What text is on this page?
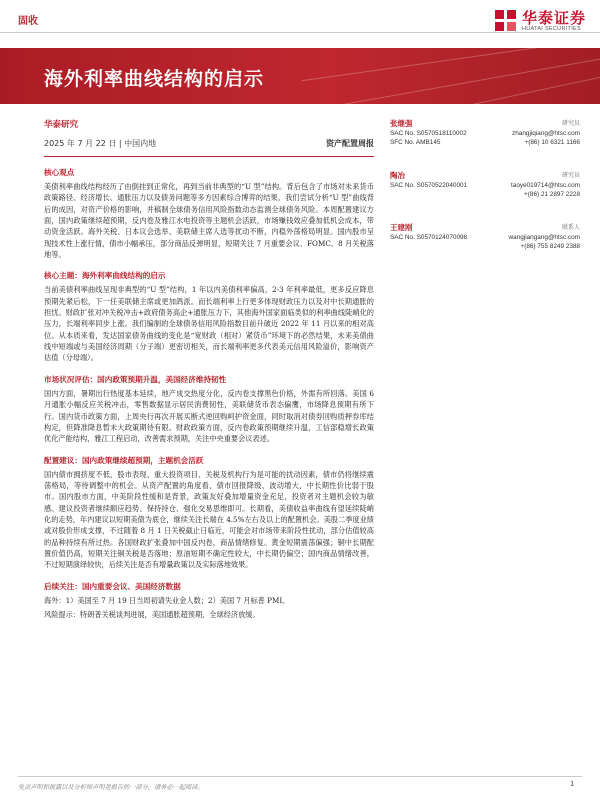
固收	华泰证券
HUATAI SECURITIES
海外利率曲线结构的启示
华泰研究
2025 年 7 月 22 日 | 中国内地	资产配置周报
核心观点

美债利率曲线结构经历了由倒挂到正常化，再到当前非典型的“U 型”结构。背后包含了市场对未来货币政策路径、经济增长、通胀压力以及债务问题等多方因素综合博弈的结果。我们尝试分析“U 型”曲线背后的成因，对资产价格的影响，并稿制全球债务信用风险指数动态监测全球债务风险。本周配置建议方面，国内政策继续超预期，反内卷及雅江水电投资等主题机会活跃，市场赚钱效应叠加低机会成本，带动资金活跃。海外关税、日本议会选举、美联储主席人选等扰动不断，内稳外荡格局明显。国内股市呈现技术性上涨行情，债市小幅承压，部分商品反弹明显，短期关注 7 月重要会议、FOMC、8 月关税落地等。

核心主题：海外利率曲线结构的启示

当前美债利率曲线呈现非典型的“U 型”结构，1 年以内美债利率偏高，2-3 年利率最低，更多反应降息预期先紧后松，下一任美联储主席或更加鸽派。而长端利率上行更多体现财政压力以及对中长期通胀的担忧。财政扩张对冲关税冲击+政府债务高企+通胀压力下，其他海外国家面临类似的利率曲线陡峭化的压力，长端利率同步上涨。我们编制的全球债务信用风险指数目前升破近 2022 年 11 月以来的相对高位。从本质来看，发达国家债务曲线的变化是“宽财政（相对）紧货币”环境下的必然结果，未来美债曲线中短端或与美国经济周期（分子端）更密切相关，而长端利率更多代表美元信用风险溢价，影响资产估值（分母端）。

市场状况评估：国内政策预期升温，美国经济维持韧性

国内方面，暑期出行热度基本延续，地产成交热度分化，反内卷支撑黑色价格，外需有所回落。美国 6 月通胀小幅反应关税冲击，零售数据显示居民消费韧性，美联储货币表态偏鹰，市场降息预期有所下行。国内货币政策方面，上周央行再次开展买断式逆回购呵护资金面，同时取消对债券回购质押券库结构定，但降准降息暂未大政策期待有限。财政政策方面，反内卷政策预期继续升温，工信部稳增长政策优化产能结构，雅江工程启动，改善需求预期，关注中央重要会议表述。

配置建议：国内政策继续超预期，主题机会活跃

国内债市拥挤度不低，股市表现、重大投资项目、关税及机构行为是可能的扰动因素，债市仍将继续震荡格局，等待调整中的机会。从资产配置的角度看，债市回报降级、波动增大，中长期性价比弱于股市。国内股市方面，中美阶段性缓和是背景，政策友好叠加增量资金充足，投资者对主题机会较为敏感。建议投资者继续顺应趋势、保持持仓、强化交易思维即可。长期看，美债收益率曲线有望延续陡峭化的走势，年内建议以短期美债为底仓，继续关注长端在 4.5%左右及以上的配置机会。美股二季度业绩或对股价形成支撑，不过随着 8 月 1 日关税截止日临近，可能会对市场带来阶段性扰动，部分估值较高的品种持续有所过热。各国财政扩张叠加中国反内卷，商品情绪修复。黄金短期震荡偏强；铜中长期配置价值仍高，短期关注铜关税是否落地；原油短期不确定性较大，中长期仍偏空；国内商品情绪改善，不过短期演绎较快，后续关注是否有增量政策以及实际落地效果。

后续关注：国内重要会议、美国经济数据

海外：1）美国至 7 月 19 日当周初请失业金人数；2）美国 7 月标普 PMI。

风险提示：特朗普关税谈判进展，美国通胀超预期，全球经济放缓。

张继强	研究员
SAC No. S0570518110002	zhangjiqiang@htsc.com
SFC No. AMB145	+(86) 10 6321 1166
陶冶	研究员
SAC No. S0570522040001	taoye019714@htsc.com
+(86) 21 2897 2228
王建刚	联系人
SAC No. S0570124070098	wangjiangang@htsc.com
+(86) 755 8249 2388
免责声明和披露以及分析师声明是报告的一部分，请务必一起阅读。	1
